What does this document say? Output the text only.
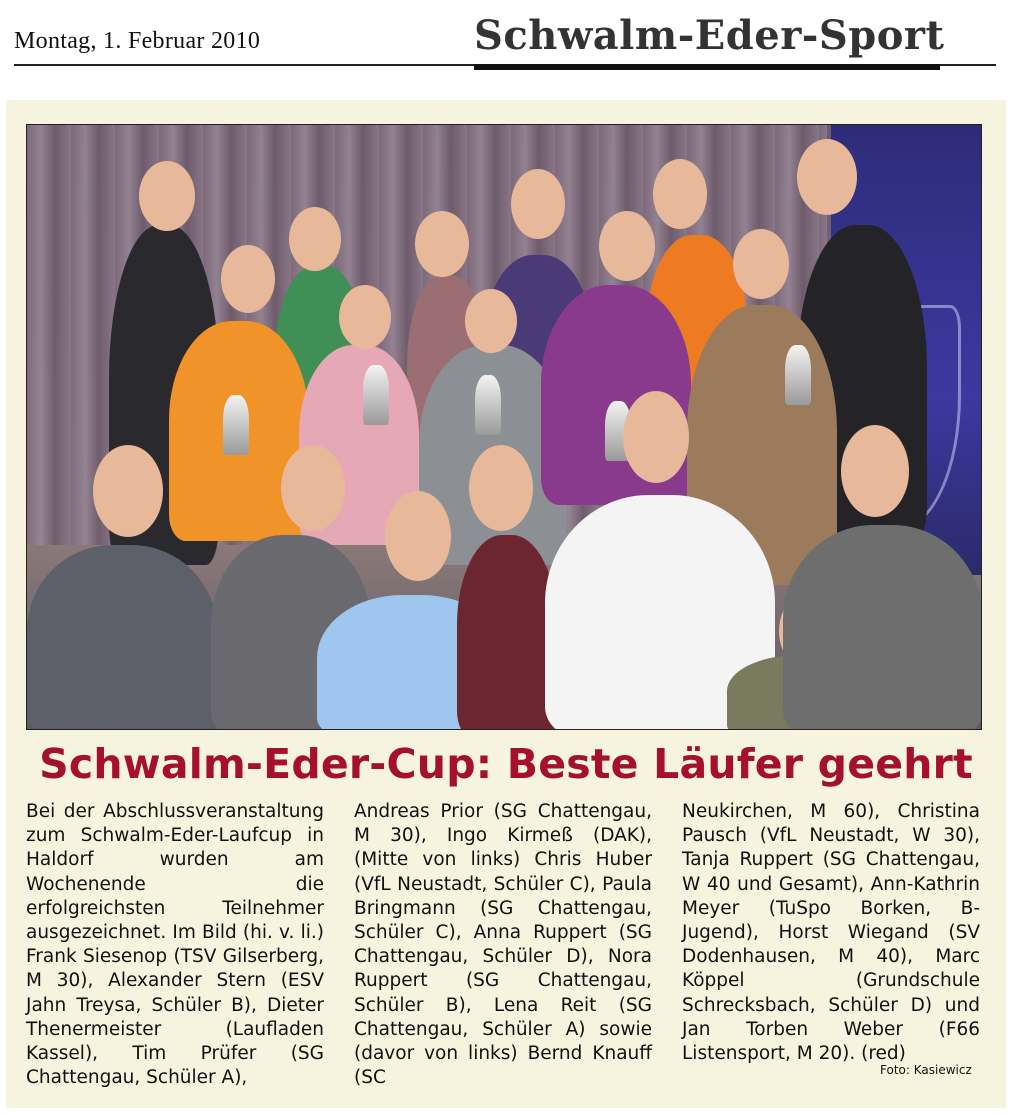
Montag, 1. Februar 2010	Schwalm-Eder-Sport
Schwalm-Eder-Cup: Beste Läufer geehrt
Bei der Abschlussveranstaltung zum Schwalm-Eder-Laufcup in Haldorf wurden am Wochenende die erfolgreichsten Teilnehmer ausgezeichnet. Im Bild (hi. v. li.) Frank Siesenop (TSV Gilserberg, M 30), Alexander Stern (ESV Jahn Treysa, Schüler B), Dieter Thenermeister (Laufladen Kassel), Tim Prüfer (SG Chattengau, Schüler A),
Andreas Prior (SG Chattengau, M 30), Ingo Kirmeß (DAK), (Mitte von links) Chris Huber (VfL Neustadt, Schüler C), Paula Bringmann (SG Chattengau, Schüler C), Anna Ruppert (SG Chattengau, Schüler D), Nora Ruppert (SG Chattengau, Schüler B), Lena Reit (SG Chattengau, Schüler A) sowie (davor von links) Bernd Knauff (SC
Neukirchen, M 60), Christina Pausch (VfL Neustadt, W 30), Tanja Ruppert (SG Chattengau, W 40 und Gesamt), Ann-Kathrin Meyer (TuSpo Borken, B-Jugend), Horst Wiegand (SV Dodenhausen, M 40), Marc Köppel (Grundschule Schrecksbach, Schüler D) und Jan Torben Weber (F66 Listensport, M 20). (red)
Foto: Kasiewicz
